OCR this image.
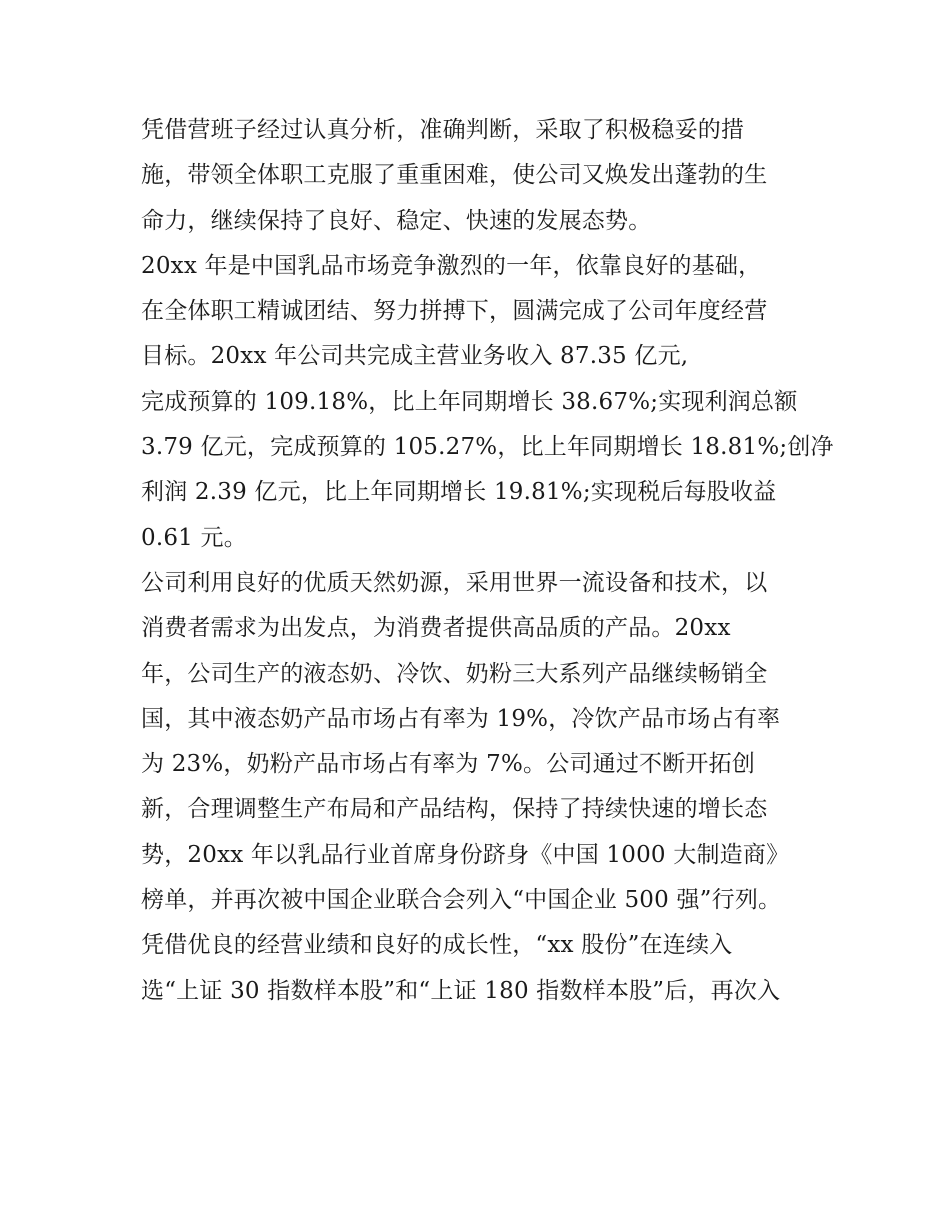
凭借营班子经过认真分析，准确判断，采取了积极稳妥的措
施，带领全体职工克服了重重困难，使公司又焕发出蓬勃的生
命力，继续保持了良好、稳定、快速的发展态势。
20xx 年是中国乳品市场竞争激烈的一年，依靠良好的基础，
在全体职工精诚团结、努力拼搏下，圆满完成了公司年度经营
目标。20xx 年公司共完成主营业务收入 87.35 亿元,
完成预算的 109.18%，比上年同期增长 38.67%;实现利润总额
3.79 亿元，完成预算的 105.27%，比上年同期增长 18.81%;创净
利润 2.39 亿元，比上年同期增长 19.81%;实现税后每股收益
0.61 元。
公司利用良好的优质天然奶源，采用世界一流设备和技术，以
消费者需求为出发点，为消费者提供高品质的产品。20xx
年，公司生产的液态奶、冷饮、奶粉三大系列产品继续畅销全
国，其中液态奶产品市场占有率为 19%，冷饮产品市场占有率
为 23%，奶粉产品市场占有率为 7%。公司通过不断开拓创
新，合理调整生产布局和产品结构，保持了持续快速的增长态
势，20xx 年以乳品行业首席身份跻身《中国 1000 大制造商》
榜单，并再次被中国企业联合会列入“中国企业 500 强”行列。
凭借优良的经营业绩和良好的成长性，“xx 股份”在连续入
选“上证 30 指数样本股”和“上证 180 指数样本股”后，再次入
